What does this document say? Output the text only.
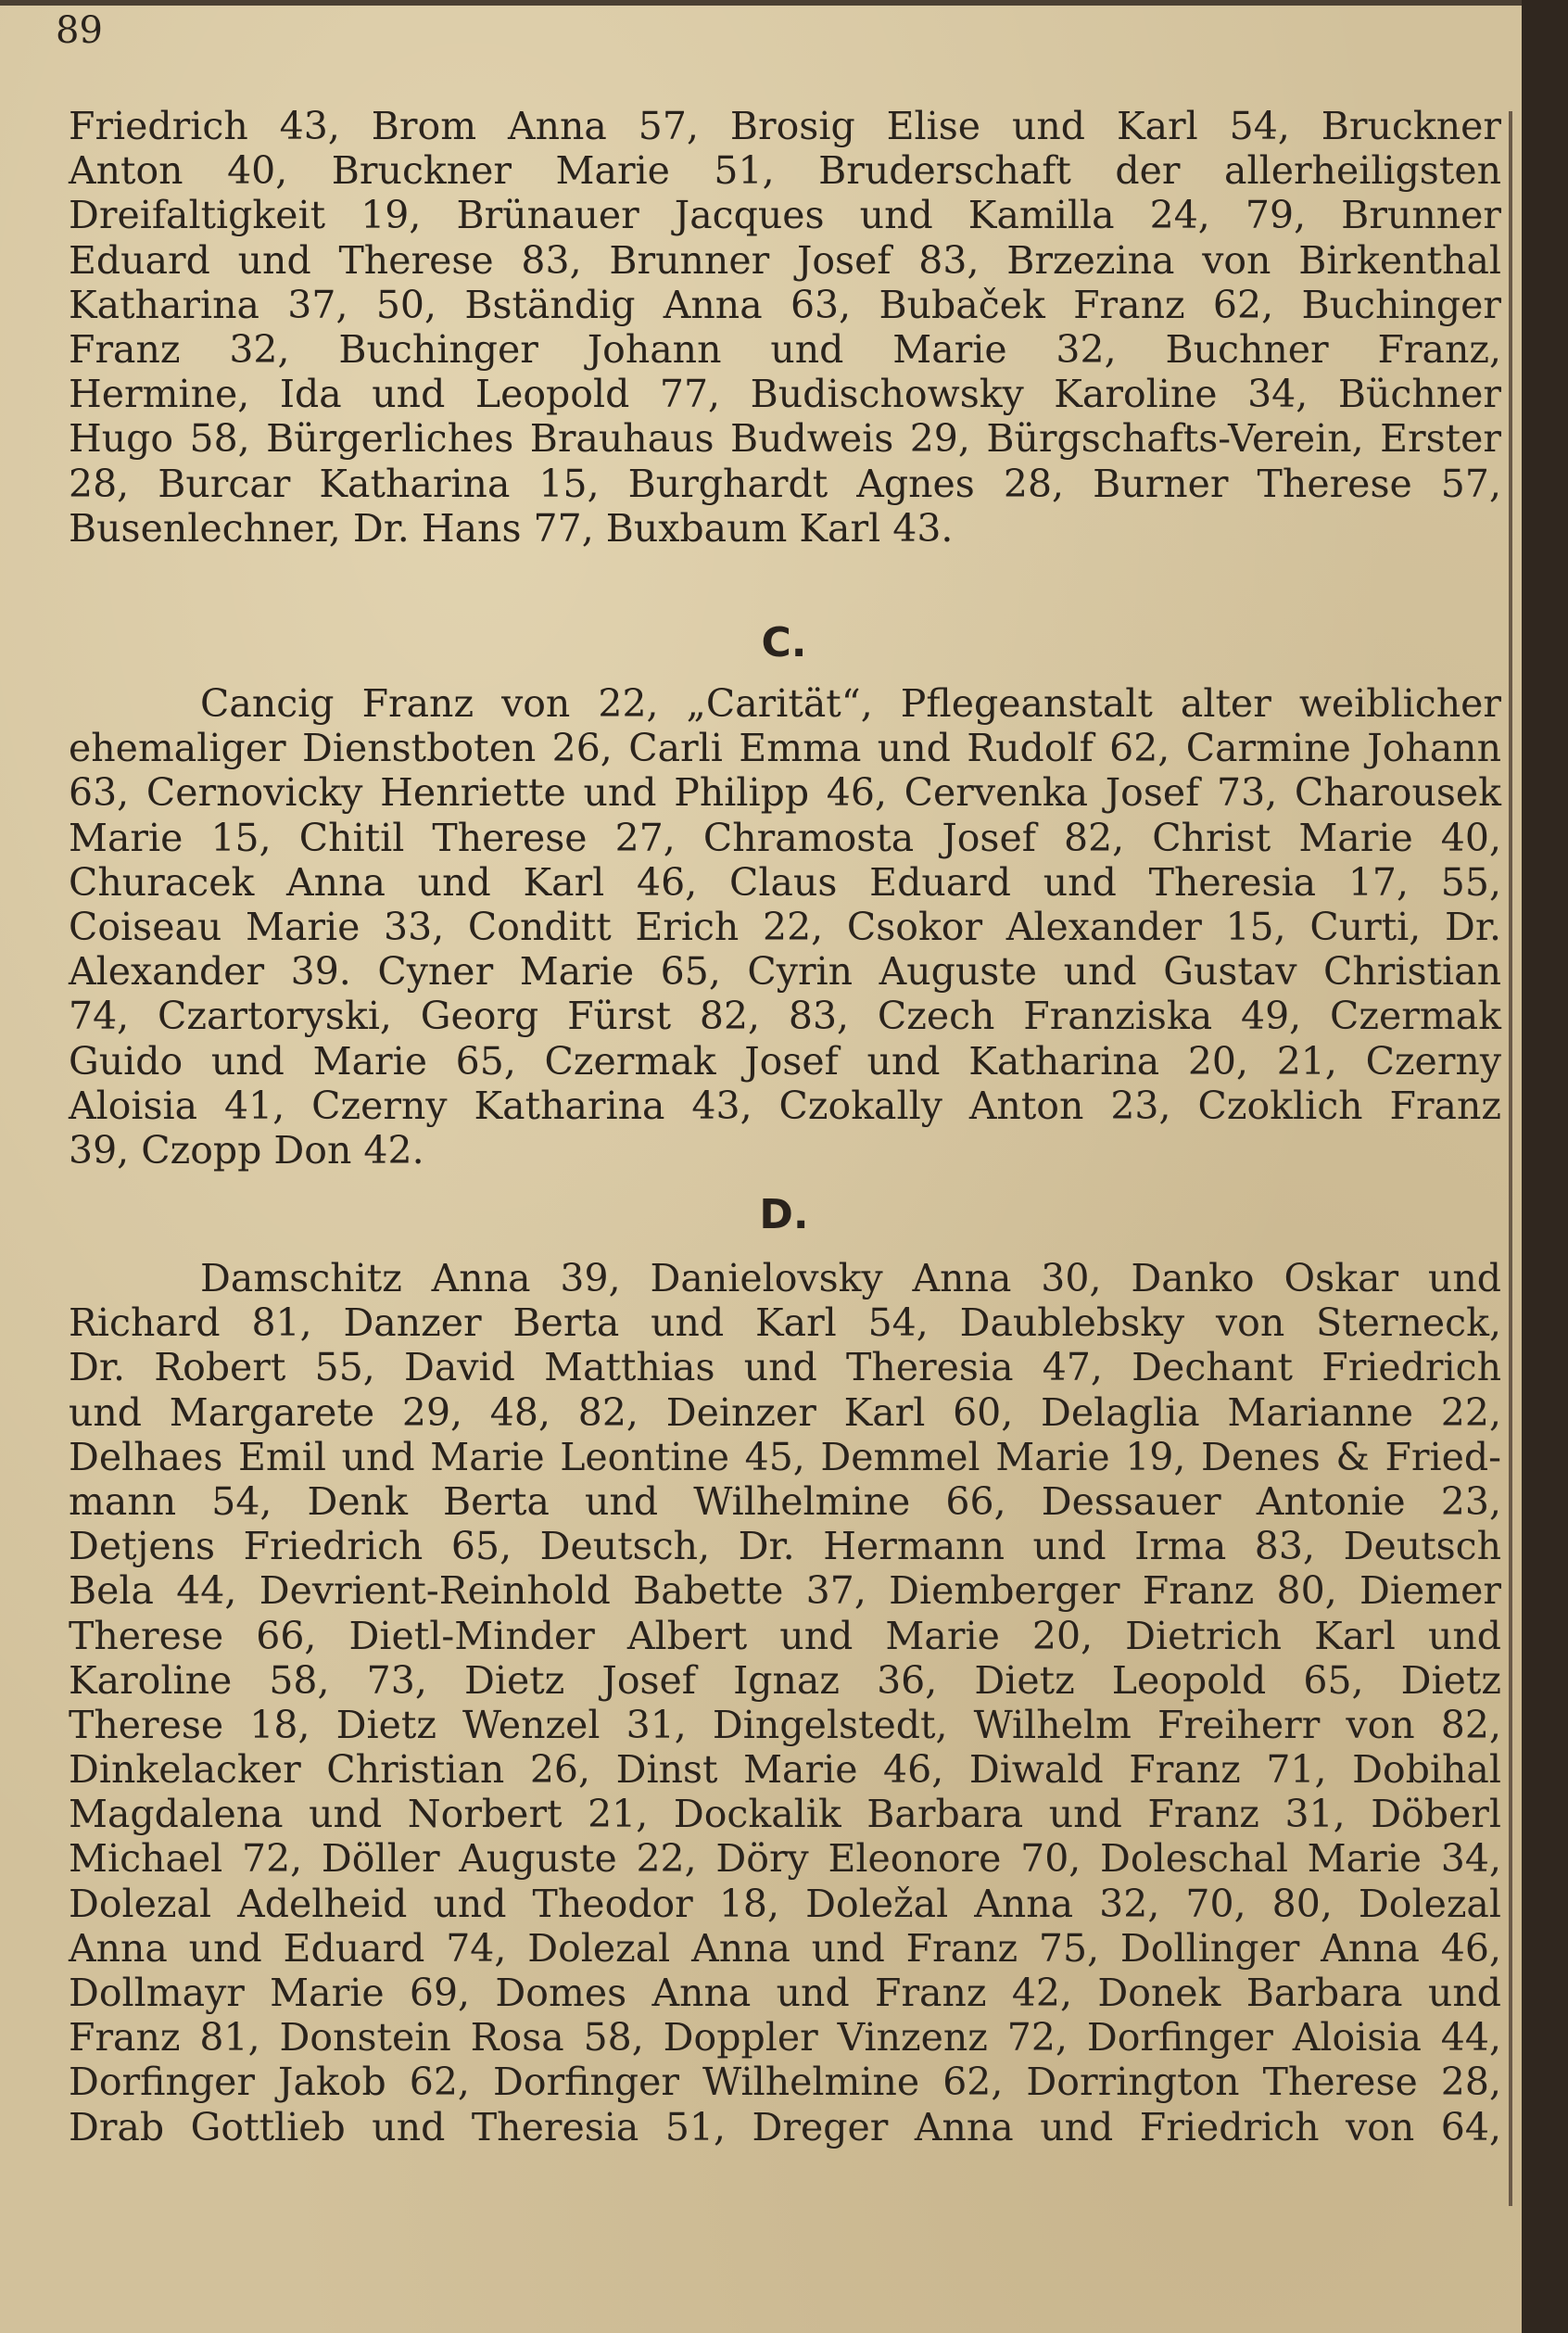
89
Friedrich 43, Brom Anna 57, Brosig Elise und Karl 54, Bruckner
Anton 40, Bruckner Marie 51, Bruderschaft der allerheiligsten
Dreifaltigkeit 19, Brünauer Jacques und Kamilla 24, 79, Brunner
Eduard und Therese 83, Brunner Josef 83, Brzezina von Birkenthal
Katharina 37, 50, Bständig Anna 63, Bubaček Franz 62, Buchinger
Franz 32, Buchinger Johann und Marie 32, Buchner Franz,
Hermine, Ida und Leopold 77, Budischowsky Karoline 34, Büchner
Hugo 58, Bürgerliches Brauhaus Budweis 29, Bürgschafts-Verein, Erster
28, Burcar Katharina 15, Burghardt Agnes 28, Burner Therese 57,
Busenlechner, Dr. Hans 77, Buxbaum Karl 43.
C.
Cancig Franz von 22, „Carität“, Pflegeanstalt alter weiblicher
ehemaliger Dienstboten 26, Carli Emma und Rudolf 62, Carmine Johann
63, Cernovicky Henriette und Philipp 46, Cervenka Josef 73, Charousek
Marie 15, Chitil Therese 27, Chramosta Josef 82, Christ Marie 40,
Churacek Anna und Karl 46, Claus Eduard und Theresia 17, 55,
Coiseau Marie 33, Conditt Erich 22, Csokor Alexander 15, Curti, Dr.
Alexander 39. Cyner Marie 65, Cyrin Auguste und Gustav Christian
74, Czartoryski, Georg Fürst 82, 83, Czech Franziska 49, Czermak
Guido und Marie 65, Czermak Josef und Katharina 20, 21, Czerny
Aloisia 41, Czerny Katharina 43, Czokally Anton 23, Czoklich Franz
39, Czopp Don 42.
D.
Damschitz Anna 39, Danielovsky Anna 30, Danko Oskar und
Richard 81, Danzer Berta und Karl 54, Daublebsky von Sterneck,
Dr. Robert 55, David Matthias und Theresia 47, Dechant Friedrich
und Margarete 29, 48, 82, Deinzer Karl 60, Delaglia Marianne 22,
Delhaes Emil und Marie Leontine 45, Demmel Marie 19, Denes & Fried-
mann 54, Denk Berta und Wilhelmine 66, Dessauer Antonie 23,
Detjens Friedrich 65, Deutsch, Dr. Hermann und Irma 83, Deutsch
Bela 44, Devrient-Reinhold Babette 37, Diemberger Franz 80, Diemer
Therese 66, Dietl-Minder Albert und Marie 20, Dietrich Karl und
Karoline 58, 73, Dietz Josef Ignaz 36, Dietz Leopold 65, Dietz
Therese 18, Dietz Wenzel 31, Dingelstedt, Wilhelm Freiherr von 82,
Dinkelacker Christian 26, Dinst Marie 46, Diwald Franz 71, Dobihal
Magdalena und Norbert 21, Dockalik Barbara und Franz 31, Döberl
Michael 72, Döller Auguste 22, Döry Eleonore 70, Doleschal Marie 34,
Dolezal Adelheid und Theodor 18, Doležal Anna 32, 70, 80, Dolezal
Anna und Eduard 74, Dolezal Anna und Franz 75, Dollinger Anna 46,
Dollmayr Marie 69, Domes Anna und Franz 42, Donek Barbara und
Franz 81, Donstein Rosa 58, Doppler Vinzenz 72, Dorfinger Aloisia 44,
Dorfinger Jakob 62, Dorfinger Wilhelmine 62, Dorrington Therese 28,
Drab Gottlieb und Theresia 51, Dreger Anna und Friedrich von 64,
